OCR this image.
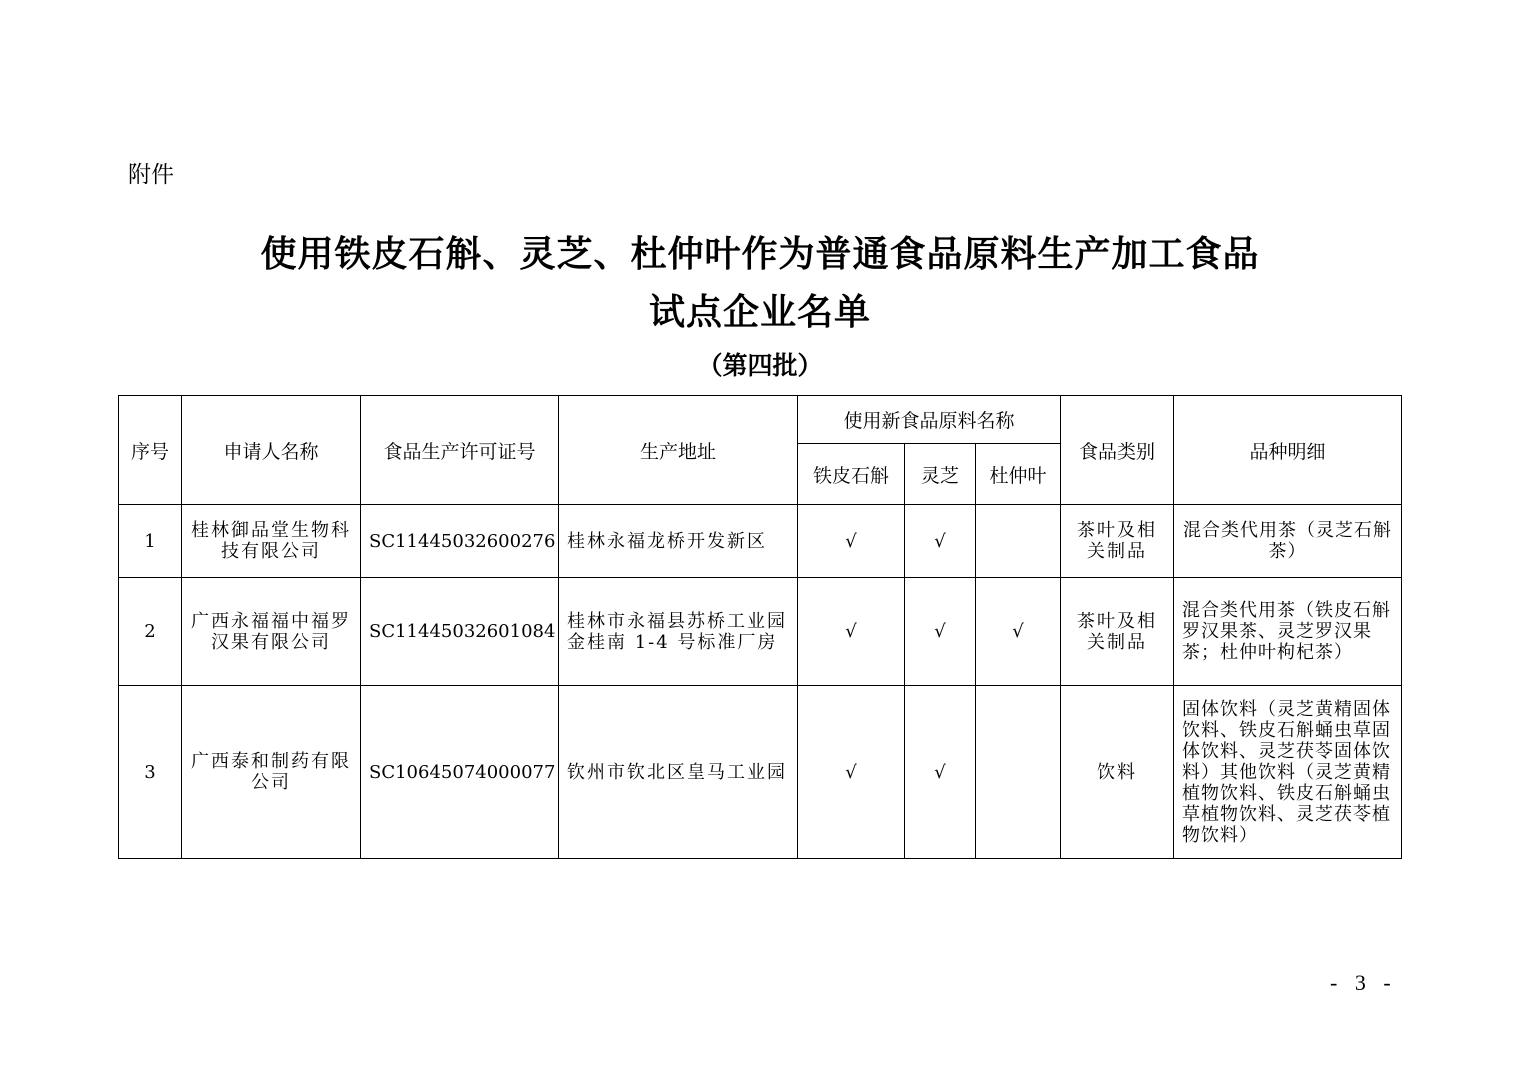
附件
使用铁皮石斛、灵芝、杜仲叶作为普通食品原料生产加工食品
试点企业名单
（第四批）
序号	申请人名称	食品生产许可证号	生产地址	使用新食品原料名称			食品类别	品种明细
				铁皮石斛	灵芝	杜仲叶		
1	桂林御品堂生物科技有限公司	SC11445032600276	桂林永福龙桥开发新区	√	√		茶叶及相关制品	混合类代用茶（灵芝石斛茶）
2	广西永福福中福罗汉果有限公司	SC11445032601084	桂林市永福县苏桥工业园金桂南 1-4 号标准厂房	√	√	√	茶叶及相关制品	混合类代用茶（铁皮石斛罗汉果茶、灵芝罗汉果茶；杜仲叶枸杞茶）
3	广西泰和制药有限公司	SC10645074000077	钦州市钦北区皇马工业园	√	√		饮料	固体饮料（灵芝黄精固体饮料、铁皮石斛蛹虫草固体饮料、灵芝茯苓固体饮料）其他饮料（灵芝黄精植物饮料、铁皮石斛蛹虫草植物饮料、灵芝茯苓植物饮料）
- 3 -
